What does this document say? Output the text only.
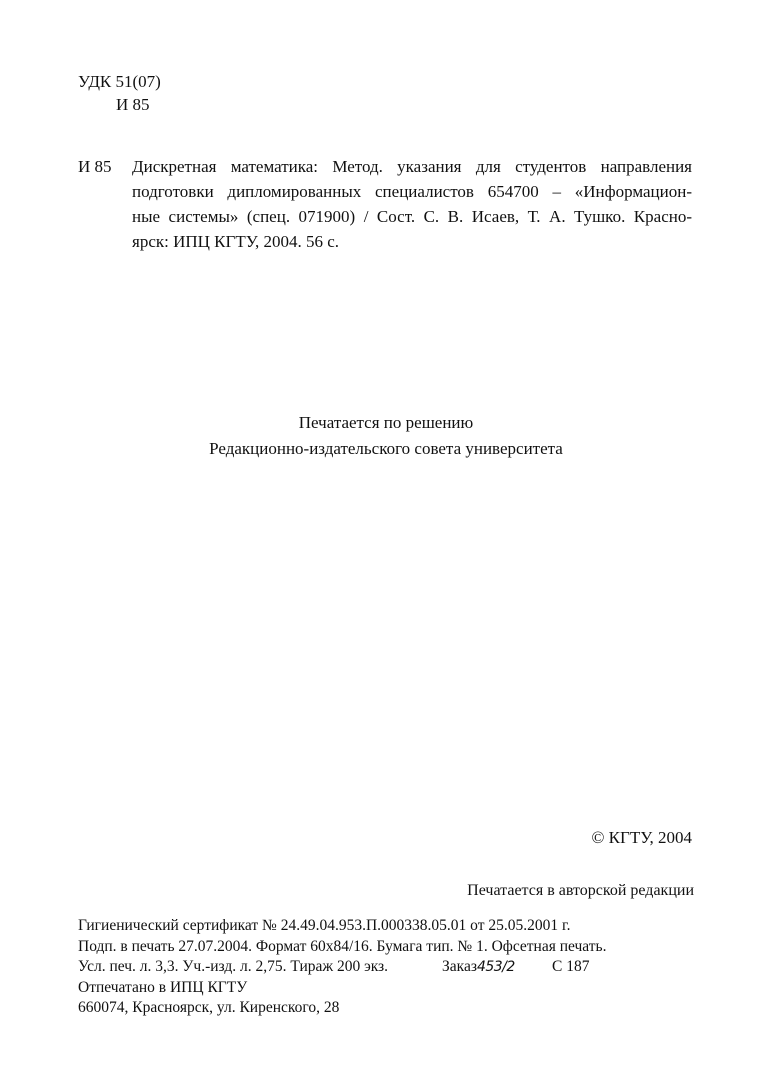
УДК 51(07)
И 85
И 85 Дискретная математика: Метод. указания для студентов направления
подготовки дипломированных специалистов 654700 – «Информацион-
ные системы» (спец. 071900) / Сост. С. В. Исаев, Т. А. Тушко. Красно-
ярск: ИПЦ КГТУ, 2004. 56 с.
Печатается по решению
Редакционно-издательского совета университета
© КГТУ, 2004
Печатается в авторской редакции
Гигиенический сертификат № 24.49.04.953.П.000338.05.01 от 25.05.2001 г.
Подп. в печать 27.07.2004. Формат 60х84/16. Бумага тип. № 1. Офсетная печать.
Усл. печ. л. 3,3. Уч.-изд. л. 2,75. Тираж 200 экз.	Заказ453/2 С 187
Отпечатано в ИПЦ КГТУ
660074, Красноярск, ул. Киренского, 28
